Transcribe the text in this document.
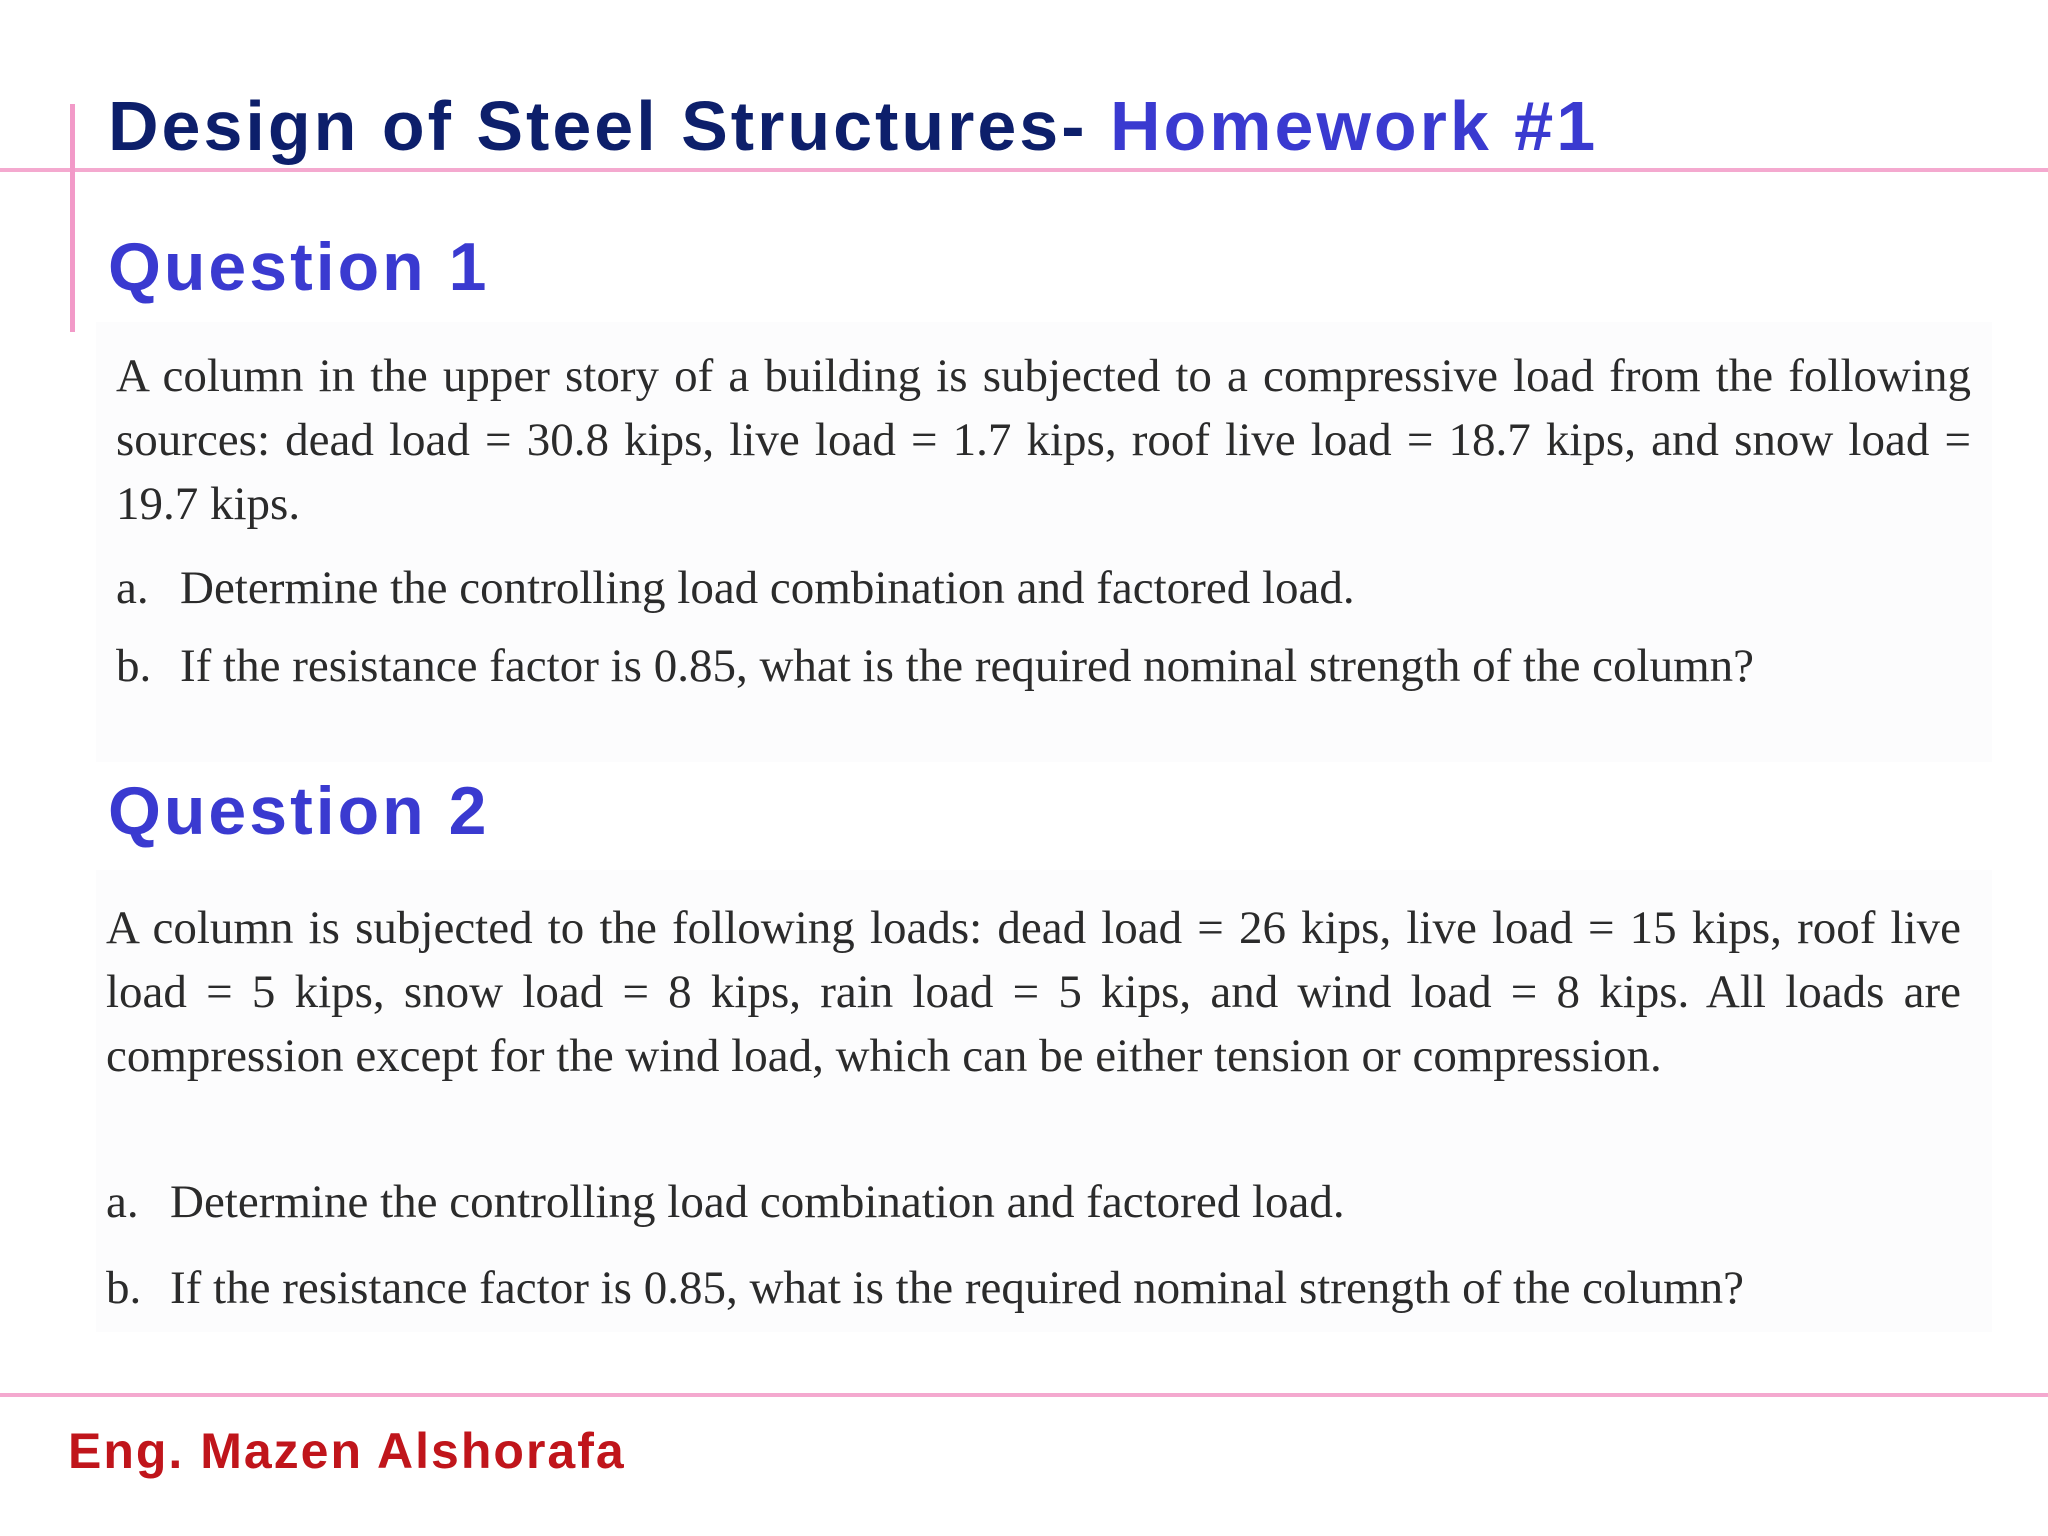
Design of Steel Structures- Homework #1
Question 1
A column in the upper story of a building is subjected to a compressive load from the following sources: dead load = 30.8 kips, live load = 1.7 kips, roof live load = 18.7 kips, and snow load = 19.7 kips.
a. Determine the controlling load combination and factored load.
b. If the resistance factor is 0.85, what is the required nominal strength of the column?
Question 2
A column is subjected to the following loads: dead load = 26 kips, live load = 15 kips, roof live load = 5 kips, snow load = 8 kips, rain load = 5 kips, and wind load = 8 kips. All loads are compression except for the wind load, which can be either tension or compression.
a. Determine the controlling load combination and factored load.
b. If the resistance factor is 0.85, what is the required nominal strength of the column?
Eng. Mazen Alshorafa
